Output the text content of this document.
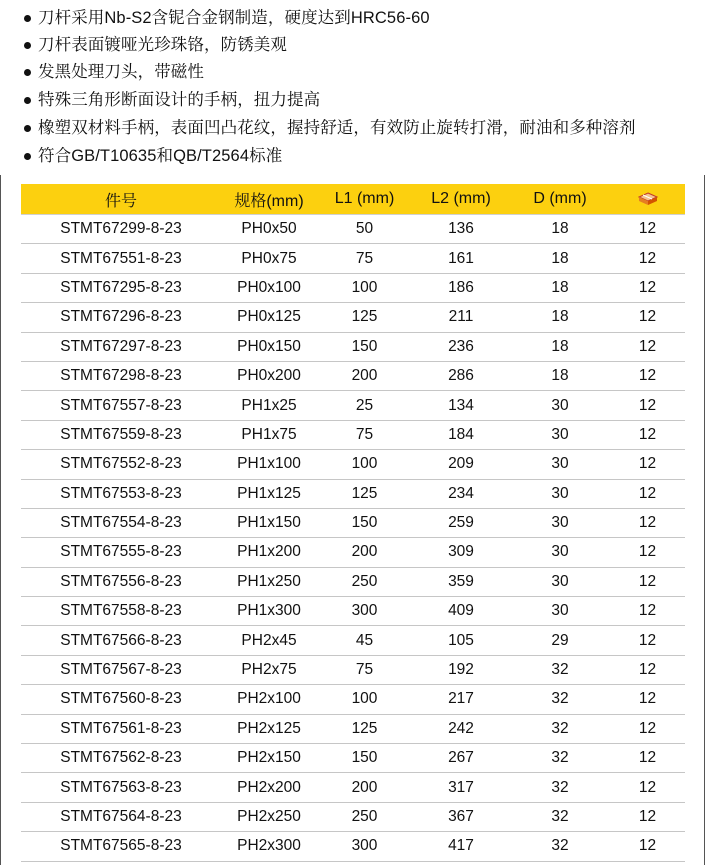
刀杆采用Nb-S2含铌合金钢制造，硬度达到HRC56-60
刀杆表面镀哑光珍珠铬，防锈美观
发黑处理刀头，带磁性
特殊三角形断面设计的手柄，扭力提高
橡塑双材料手柄，表面凹凸花纹，握持舒适，有效防止旋转打滑，耐油和多种溶剂
符合GB/T10635和QB/T2564标准
件号	规格(mm)	L1 (mm)	L2 (mm)	D (mm)	
STMT67299-8-23	PH0x50	50	136	18	12
STMT67551-8-23	PH0x75	75	161	18	12
STMT67295-8-23	PH0x100	100	186	18	12
STMT67296-8-23	PH0x125	125	211	18	12
STMT67297-8-23	PH0x150	150	236	18	12
STMT67298-8-23	PH0x200	200	286	18	12
STMT67557-8-23	PH1x25	25	134	30	12
STMT67559-8-23	PH1x75	75	184	30	12
STMT67552-8-23	PH1x100	100	209	30	12
STMT67553-8-23	PH1x125	125	234	30	12
STMT67554-8-23	PH1x150	150	259	30	12
STMT67555-8-23	PH1x200	200	309	30	12
STMT67556-8-23	PH1x250	250	359	30	12
STMT67558-8-23	PH1x300	300	409	30	12
STMT67566-8-23	PH2x45	45	105	29	12
STMT67567-8-23	PH2x75	75	192	32	12
STMT67560-8-23	PH2x100	100	217	32	12
STMT67561-8-23	PH2x125	125	242	32	12
STMT67562-8-23	PH2x150	150	267	32	12
STMT67563-8-23	PH2x200	200	317	32	12
STMT67564-8-23	PH2x250	250	367	32	12
STMT67565-8-23	PH2x300	300	417	32	12
